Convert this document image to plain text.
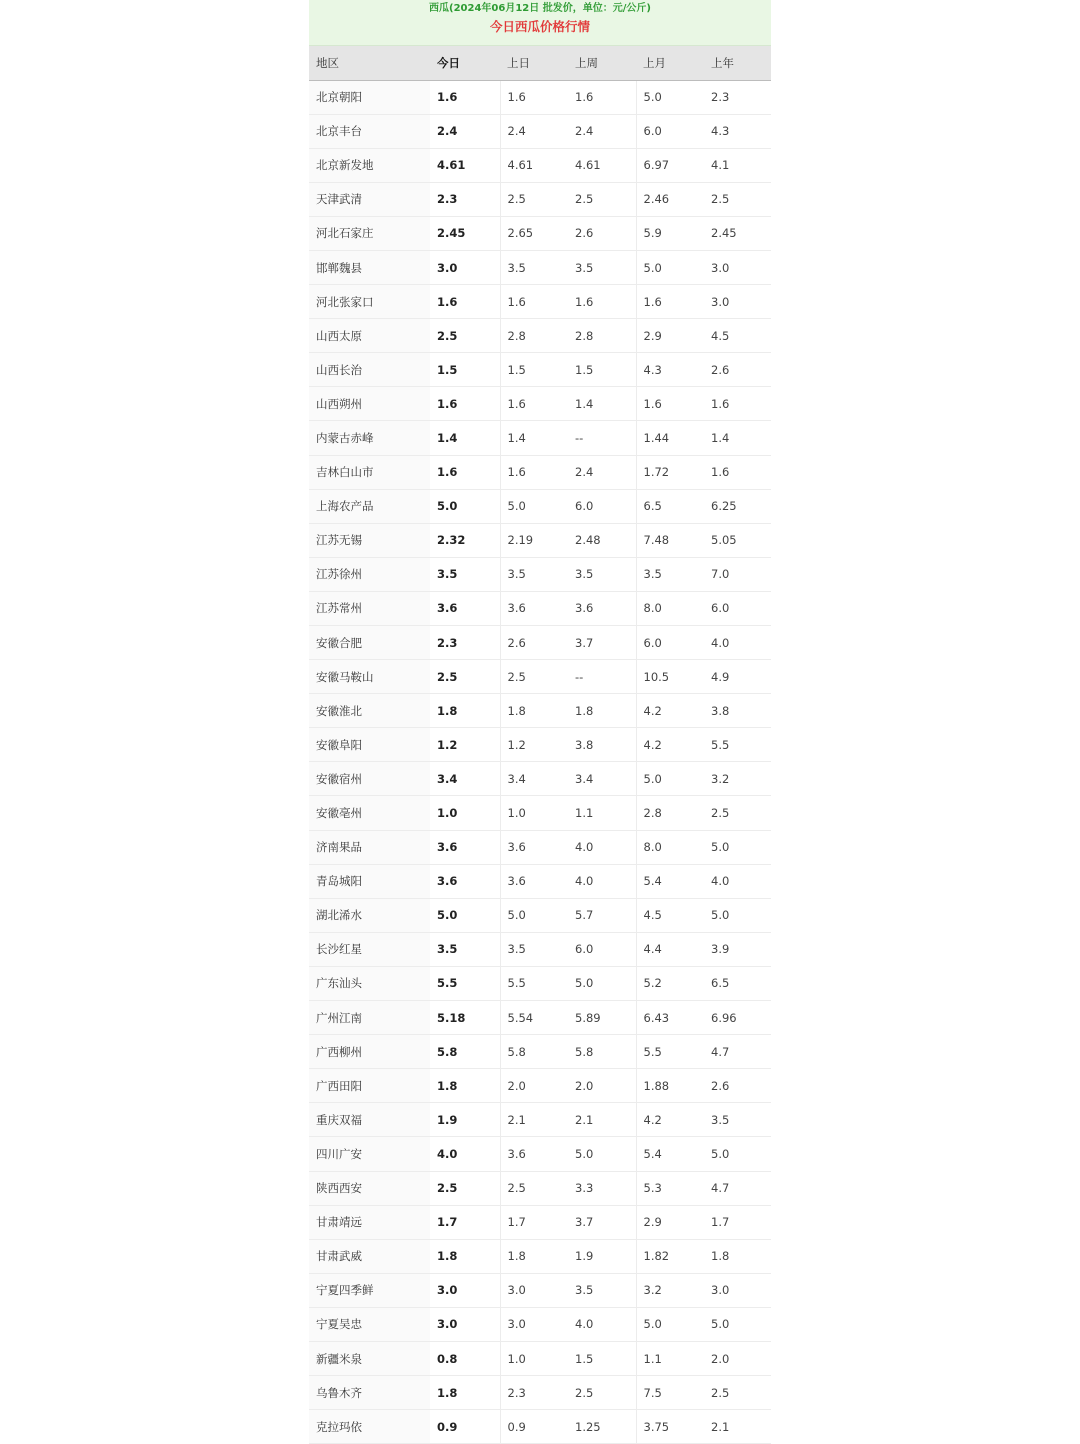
西瓜(2024年06月12日 批发价，单位：元/公斤)
今日西瓜价格行情
地区	今日	上日	上周	上月	上年
北京朝阳	1.6	1.6	1.6	5.0	2.3
北京丰台	2.4	2.4	2.4	6.0	4.3
北京新发地	4.61	4.61	4.61	6.97	4.1
天津武清	2.3	2.5	2.5	2.46	2.5
河北石家庄	2.45	2.65	2.6	5.9	2.45
邯郸魏县	3.0	3.5	3.5	5.0	3.0
河北张家口	1.6	1.6	1.6	1.6	3.0
山西太原	2.5	2.8	2.8	2.9	4.5
山西长治	1.5	1.5	1.5	4.3	2.6
山西朔州	1.6	1.6	1.4	1.6	1.6
内蒙古赤峰	1.4	1.4	--	1.44	1.4
吉林白山市	1.6	1.6	2.4	1.72	1.6
上海农产品	5.0	5.0	6.0	6.5	6.25
江苏无锡	2.32	2.19	2.48	7.48	5.05
江苏徐州	3.5	3.5	3.5	3.5	7.0
江苏常州	3.6	3.6	3.6	8.0	6.0
安徽合肥	2.3	2.6	3.7	6.0	4.0
安徽马鞍山	2.5	2.5	--	10.5	4.9
安徽淮北	1.8	1.8	1.8	4.2	3.8
安徽阜阳	1.2	1.2	3.8	4.2	5.5
安徽宿州	3.4	3.4	3.4	5.0	3.2
安徽亳州	1.0	1.0	1.1	2.8	2.5
济南果品	3.6	3.6	4.0	8.0	5.0
青岛城阳	3.6	3.6	4.0	5.4	4.0
湖北浠水	5.0	5.0	5.7	4.5	5.0
长沙红星	3.5	3.5	6.0	4.4	3.9
广东汕头	5.5	5.5	5.0	5.2	6.5
广州江南	5.18	5.54	5.89	6.43	6.96
广西柳州	5.8	5.8	5.8	5.5	4.7
广西田阳	1.8	2.0	2.0	1.88	2.6
重庆双福	1.9	2.1	2.1	4.2	3.5
四川广安	4.0	3.6	5.0	5.4	5.0
陕西西安	2.5	2.5	3.3	5.3	4.7
甘肃靖远	1.7	1.7	3.7	2.9	1.7
甘肃武威	1.8	1.8	1.9	1.82	1.8
宁夏四季鲜	3.0	3.0	3.5	3.2	3.0
宁夏吴忠	3.0	3.0	4.0	5.0	5.0
新疆米泉	0.8	1.0	1.5	1.1	2.0
乌鲁木齐	1.8	2.3	2.5	7.5	2.5
克拉玛依	0.9	0.9	1.25	3.75	2.1
